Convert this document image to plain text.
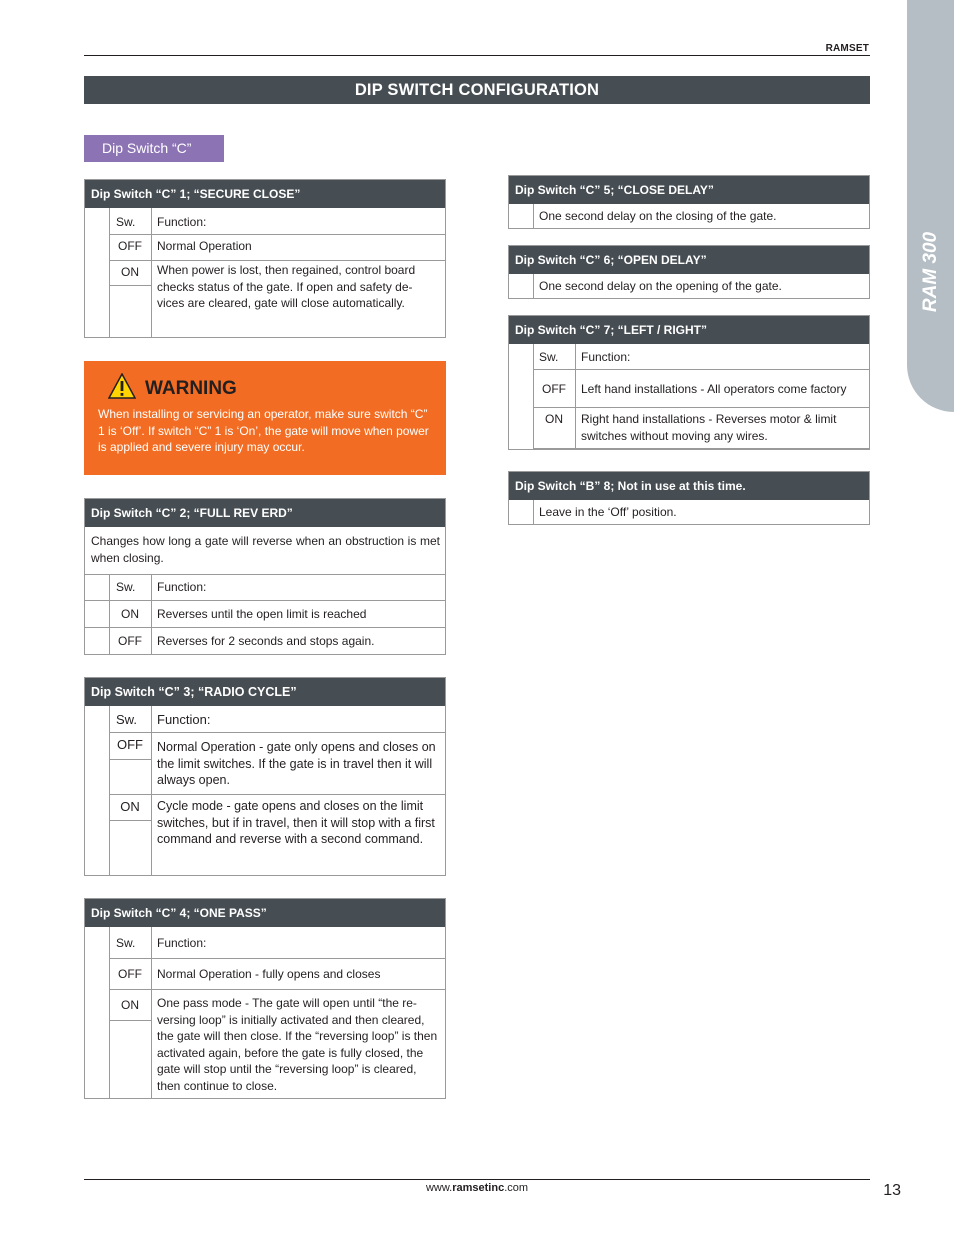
RAM 300
RAMSET
DIP SWITCH CONFIGURATION
Dip Switch “C”
Dip Switch “C” 1; “SECURE CLOSE”
Sw. Function:
OFF	Normal Operation
ON	When power is lost, then regained, control board checks status of the gate. If open and safety de-vices are cleared, gate will close automatically.
WARNING
When installing or servicing an operator, make sure switch “C” 1 is ‘Off’. If switch “C” 1 is ‘On’, the gate will move when power is applied and severe injury may occur.
Dip Switch “C” 2; “FULL REV ERD”
Changes how long a gate will reverse when an obstruction is met when closing.
Sw. Function:
ON	Reverses until the open limit is reached
OFF	Reverses for 2 seconds and stops again.
Dip Switch “C” 3; “RADIO CYCLE”
Sw. Function:
OFF	Normal Operation - gate only opens and closes on the limit switches. If the gate is in travel then it will always open.
ON	Cycle mode - gate opens and closes on the limit switches, but if in travel, then it will stop with a first command and reverse with a second command.
Dip Switch “C” 4; “ONE PASS”
Sw. Function:
OFF	Normal Operation - fully opens and closes
ON	One pass mode - The gate will open until “the re-versing loop” is initially activated and then cleared, the gate will then close. If the “reversing loop” is then activated again, before the gate is fully closed, the gate will stop until the “reversing loop” is cleared, then continue to close.
Dip Switch “C” 5; “CLOSE DELAY”
One second delay on the closing of the gate.
Dip Switch “C” 6; “OPEN DELAY”
One second delay on the opening of the gate.
Dip Switch “C” 7; “LEFT / RIGHT”
Sw. Function:
OFF	Left hand installations - All operators come factory
ON	Right hand installations - Reverses motor & limit switches without moving any wires.
Dip Switch “B” 8; Not in use at this time.
Leave in the ‘Off’ position.
www.ramsetinc.com	13
